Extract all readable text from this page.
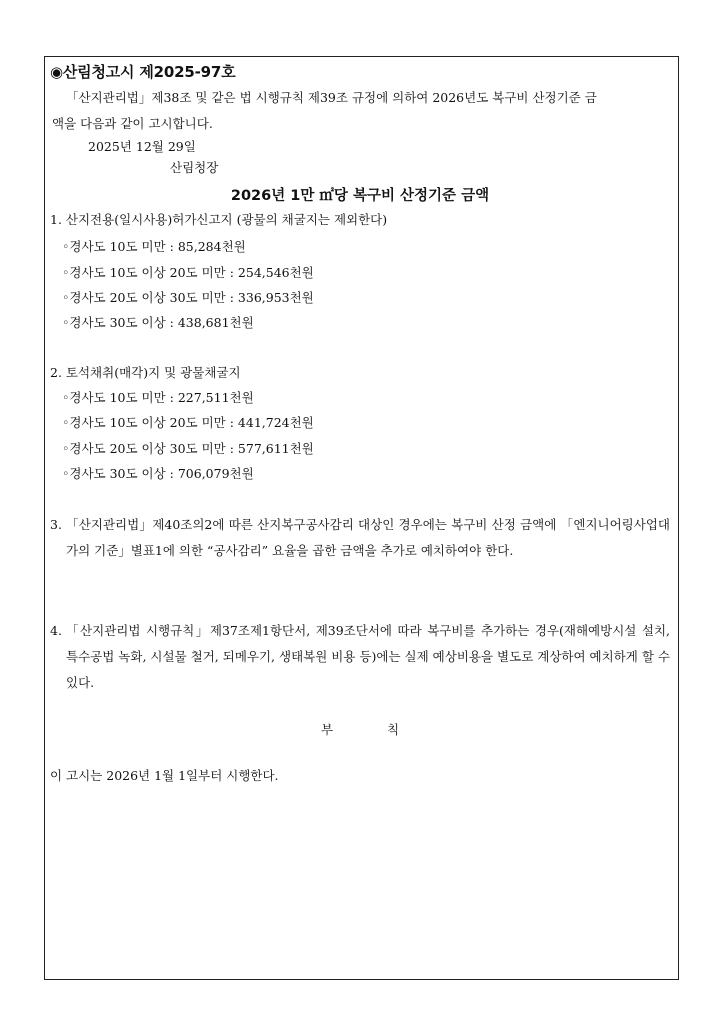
◉산림청고시 제2025-97호
「산지관리법」제38조 및 같은 법 시행규칙 제39조 규정에 의하여 2026년도 복구비 산정기준 금
액을 다음과 같이 고시합니다.
2025년 12월 29일
산림청장
2026년 1만 ㎡당 복구비 산정기준 금액
1. 산지전용(일시사용)허가신고지 (광물의 채굴지는 제외한다)
◦경사도 10도 미만 : 85,284천원
◦경사도 10도 이상 20도 미만 : 254,546천원
◦경사도 20도 이상 30도 미만 : 336,953천원
◦경사도 30도 이상 : 438,681천원
2. 토석채취(매각)지 및 광물채굴지
◦경사도 10도 미만 : 227,511천원
◦경사도 10도 이상 20도 미만 : 441,724천원
◦경사도 20도 이상 30도 미만 : 577,611천원
◦경사도 30도 이상 : 706,079천원
3. 「산지관리법」제40조의2에 따른 산지복구공사감리 대상인 경우에는 복구비 산정 금액에 「엔지니어링사업대가의 기준」별표1에 의한 “공사감리” 요율을 곱한 금액을 추가로 예치하여야 한다.
4. 「산지관리법 시행규칙」제37조제1항단서, 제39조단서에 따라 복구비를 추가하는 경우(재해예방시설 설치, 특수공법 녹화, 시설물 철거, 되메우기, 생태복원 비용 등)에는 실제 예상비용을 별도로 계상하여 예치하게 할 수 있다.
부 칙
이 고시는 2026년 1월 1일부터 시행한다.
